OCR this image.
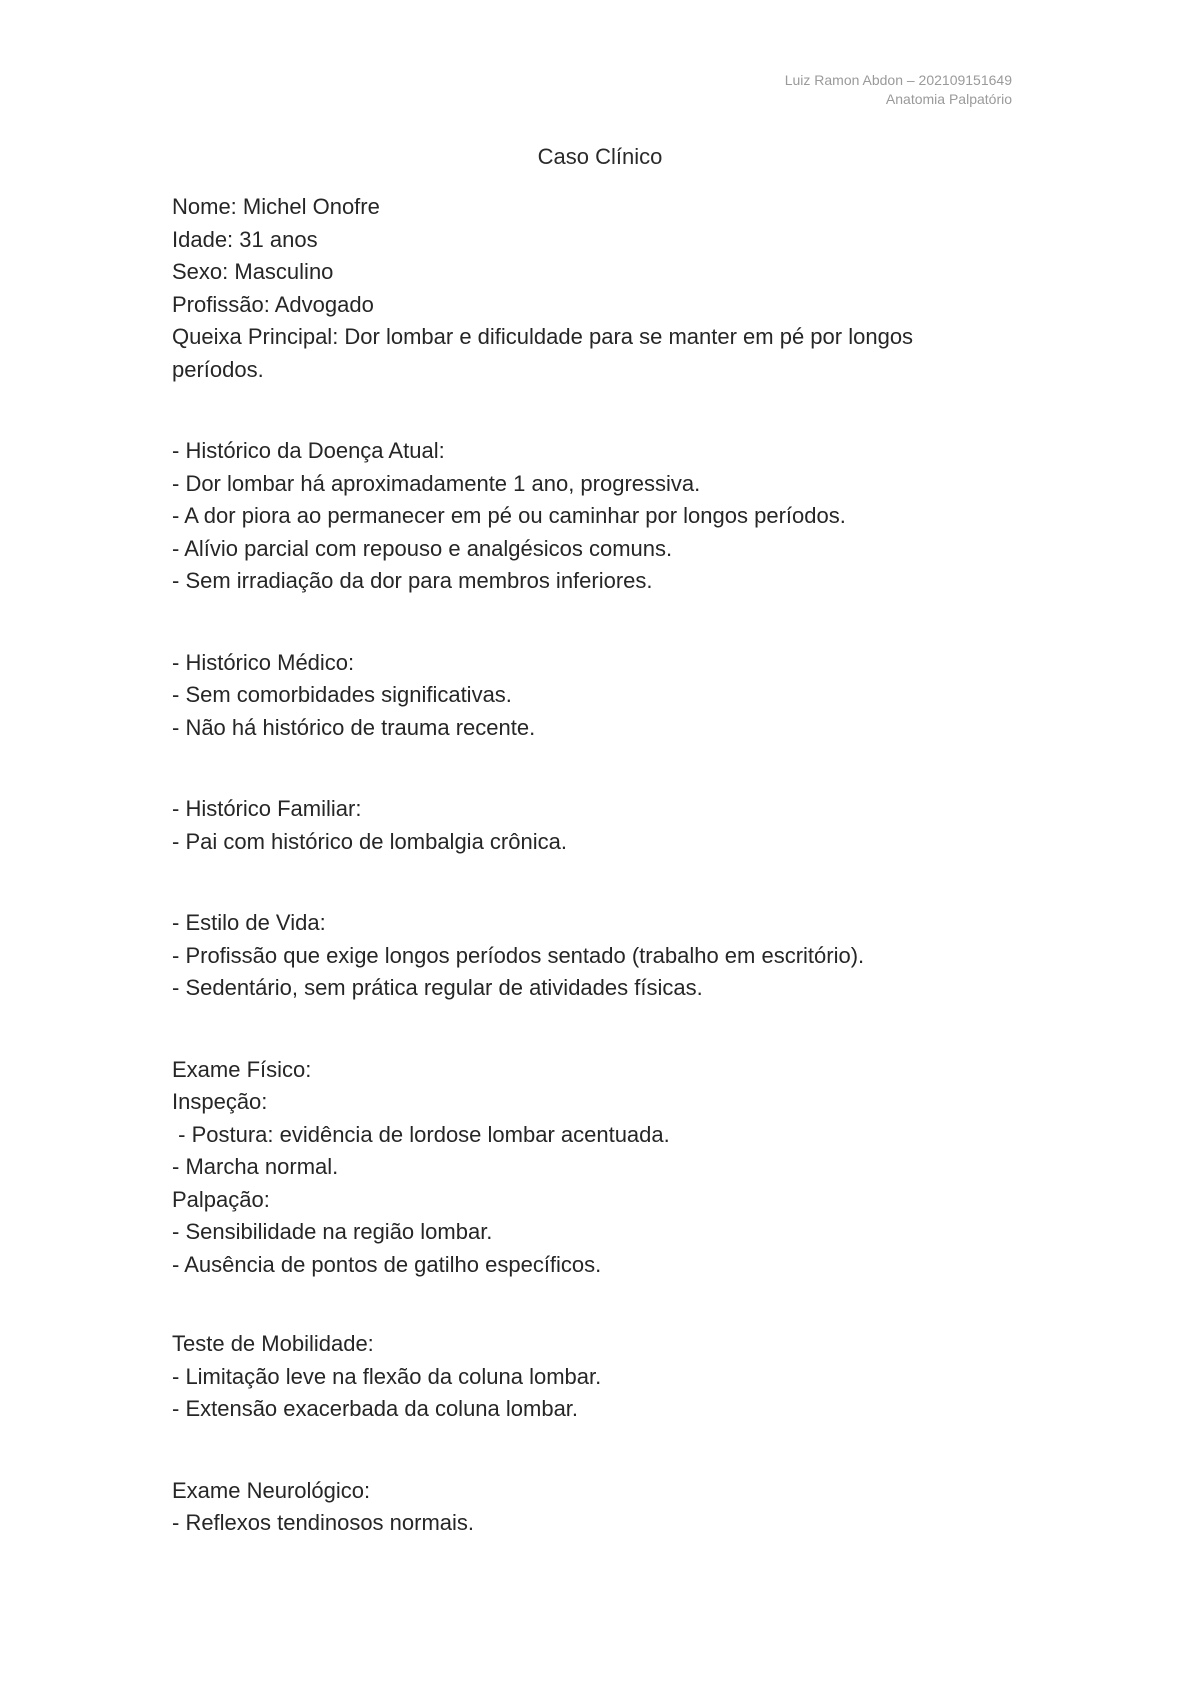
Luiz Ramon Abdon – 202109151649
Anatomia Palpatório
Caso Clínico
Nome: Michel Onofre
Idade: 31 anos
Sexo: Masculino
Profissão: Advogado
Queixa Principal: Dor lombar e dificuldade para se manter em pé por longos
períodos.
- Histórico da Doença Atual:
- Dor lombar há aproximadamente 1 ano, progressiva.
- A dor piora ao permanecer em pé ou caminhar por longos períodos.
- Alívio parcial com repouso e analgésicos comuns.
- Sem irradiação da dor para membros inferiores.
- Histórico Médico:
- Sem comorbidades significativas.
- Não há histórico de trauma recente.
- Histórico Familiar:
- Pai com histórico de lombalgia crônica.
- Estilo de Vida:
- Profissão que exige longos períodos sentado (trabalho em escritório).
- Sedentário, sem prática regular de atividades físicas.
Exame Físico:
Inspeção:
- Postura: evidência de lordose lombar acentuada.
- Marcha normal.
Palpação:
- Sensibilidade na região lombar.
- Ausência de pontos de gatilho específicos.
Teste de Mobilidade:
- Limitação leve na flexão da coluna lombar.
- Extensão exacerbada da coluna lombar.
Exame Neurológico:
- Reflexos tendinosos normais.
